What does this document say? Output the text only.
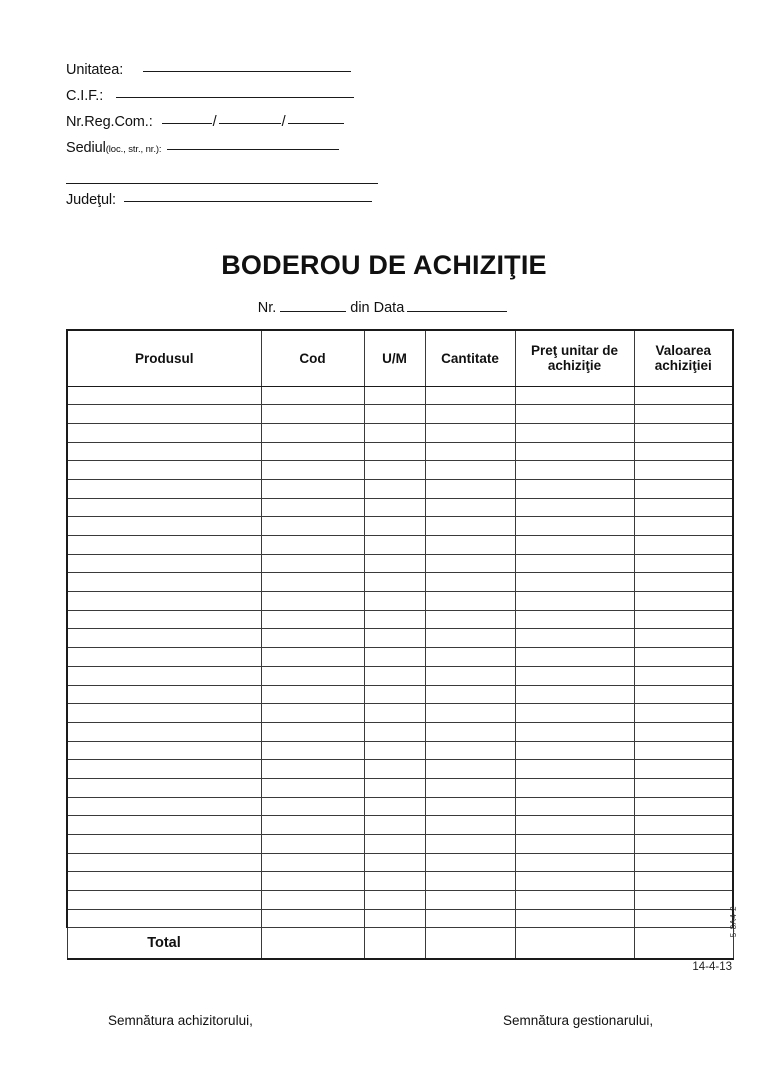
Unitatea:
C.I.F.:
Nr.Reg.Com.:	/	/
Sediul (loc., str., nr.):
Judeţul:
BODEROU DE ACHIZIŢIE
Nr.	din Data
Produsul	Cod	U/M	Cantitate	Preţ unitar de achiziţie	Valoarea achiziţiei

Total					
5-8A4-2
14-4-13
Semnătura achizitorului,	Semnătura gestionarului,
